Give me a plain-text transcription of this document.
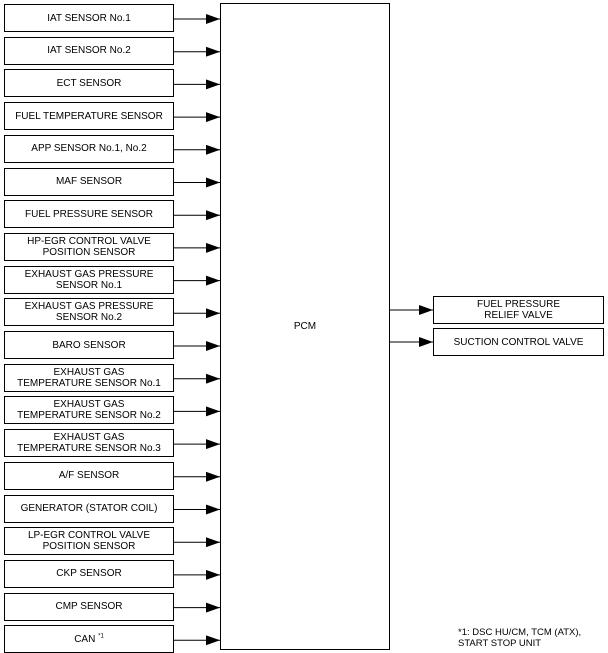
IAT SENSOR No.1
IAT SENSOR No.2
ECT SENSOR
FUEL TEMPERATURE SENSOR
APP SENSOR No.1, No.2
MAF SENSOR
FUEL PRESSURE SENSOR
HP-EGR CONTROL VALVE
POSITION SENSOR
EXHAUST GAS PRESSURE
SENSOR No.1
EXHAUST GAS PRESSURE
SENSOR No.2
BARO SENSOR
EXHAUST GAS
TEMPERATURE SENSOR No.1
EXHAUST GAS
TEMPERATURE SENSOR No.2
EXHAUST GAS
TEMPERATURE SENSOR No.3
A/F SENSOR
GENERATOR (STATOR COIL)
LP-EGR CONTROL VALVE
POSITION SENSOR
CKP SENSOR
CMP SENSOR
CAN $^{*1}$
PCM
FUEL PRESSURE
RELIEF VALVE
SUCTION CONTROL VALVE
*1: DSC HU/CM, TCM (ATX),
START STOP UNIT
